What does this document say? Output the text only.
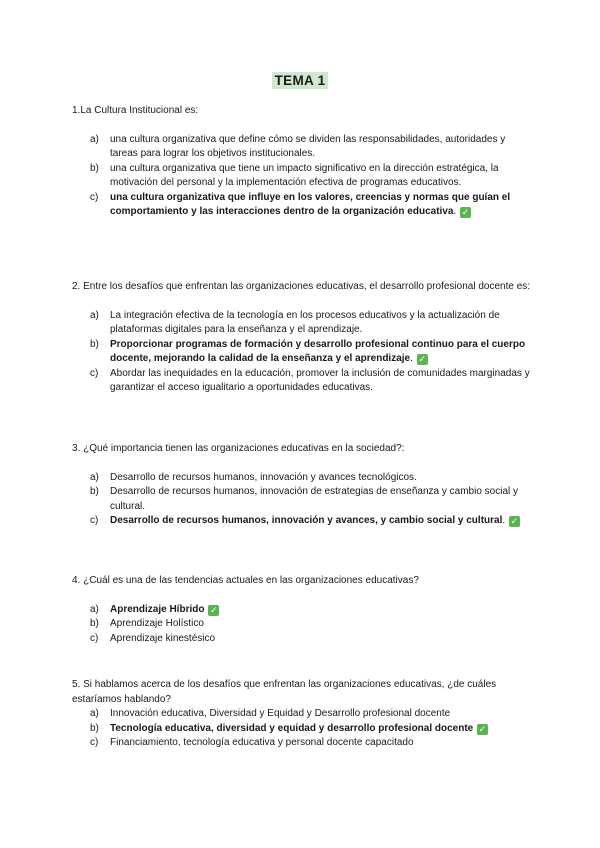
TEMA 1

1.La Cultura Institucional es:

a) una cultura organizativa que define cómo se dividen las responsabilidades, autoridades y tareas para lograr los objetivos institucionales.
b) una cultura organizativa que tiene un impacto significativo en la dirección estratégica, la motivación del personal y la implementación efectiva de programas educativos.
c) una cultura organizativa que influye en los valores, creencias y normas que guían el comportamiento y las interacciones dentro de la organización educativa. ✓

2. Entre los desafíos que enfrentan las organizaciones educativas, el desarrollo profesional docente es:

a) La integración efectiva de la tecnología en los procesos educativos y la actualización de plataformas digitales para la enseñanza y el aprendizaje.
b) Proporcionar programas de formación y desarrollo profesional continuo para el cuerpo docente, mejorando la calidad de la enseñanza y el aprendizaje. ✓
c) Abordar las inequidades en la educación, promover la inclusión de comunidades marginadas y garantizar el acceso igualitario a oportunidades educativas.

3. ¿Qué importancia tienen las organizaciones educativas en la sociedad?:

a) Desarrollo de recursos humanos, innovación y avances tecnológicos.
b) Desarrollo de recursos humanos, innovación de estrategias de enseñanza y cambio social y cultural.
c) Desarrollo de recursos humanos, innovación y avances, y cambio social y cultural. ✓

4. ¿Cuál es una de las tendencias actuales en las organizaciones educativas?

a) Aprendizaje Híbrido ✓
b) Aprendizaje Holístico
c) Aprendizaje kinestésico

5. Si hablamos acerca de los desafíos que enfrentan las organizaciones educativas, ¿de cuáles estaríamos hablando?

a) Innovación educativa, Diversidad y Equidad y Desarrollo profesional docente
b) Tecnología educativa, diversidad y equidad y desarrollo profesional docente ✓
c) Financiamiento, tecnología educativa y personal docente capacitado
